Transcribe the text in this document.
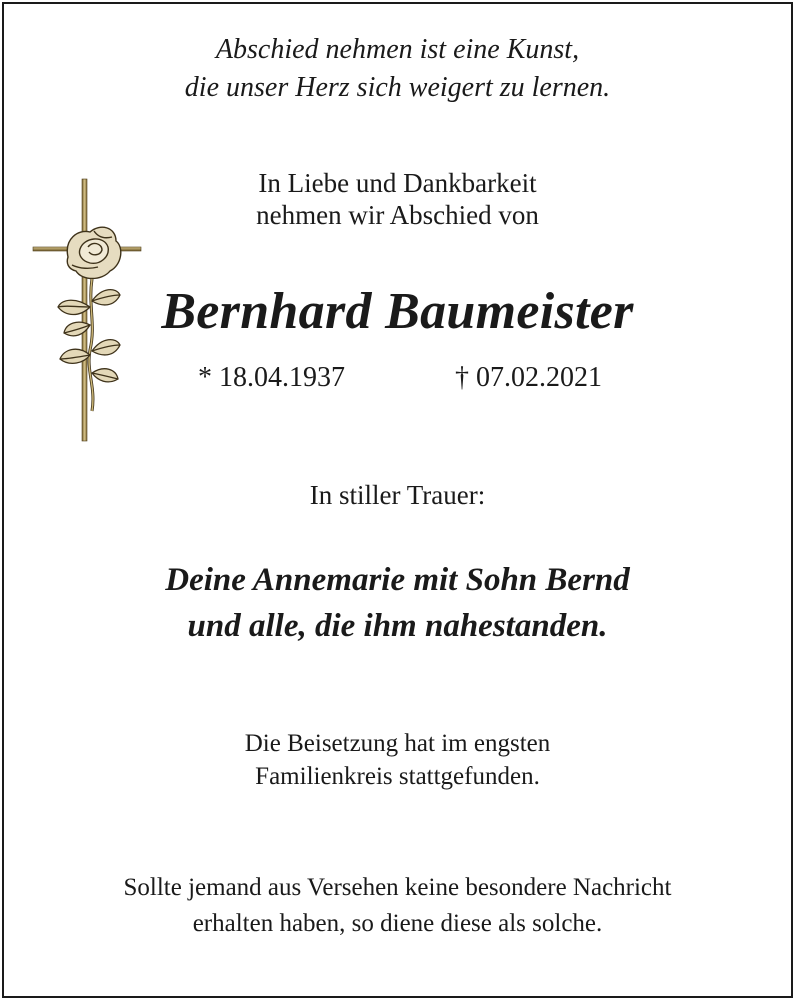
Abschied nehmen ist eine Kunst,
die unser Herz sich weigert zu lernen.
In Liebe und Dankbarkeit
nehmen wir Abschied von
Bernhard Baumeister
* 18.04.1937	† 07.02.2021
In stiller Trauer:
Deine Annemarie mit Sohn Bernd
und alle, die ihm nahestanden.
Die Beisetzung hat im engsten
Familienkreis stattgefunden.
Sollte jemand aus Versehen keine besondere Nachricht
erhalten haben, so diene diese als solche.
